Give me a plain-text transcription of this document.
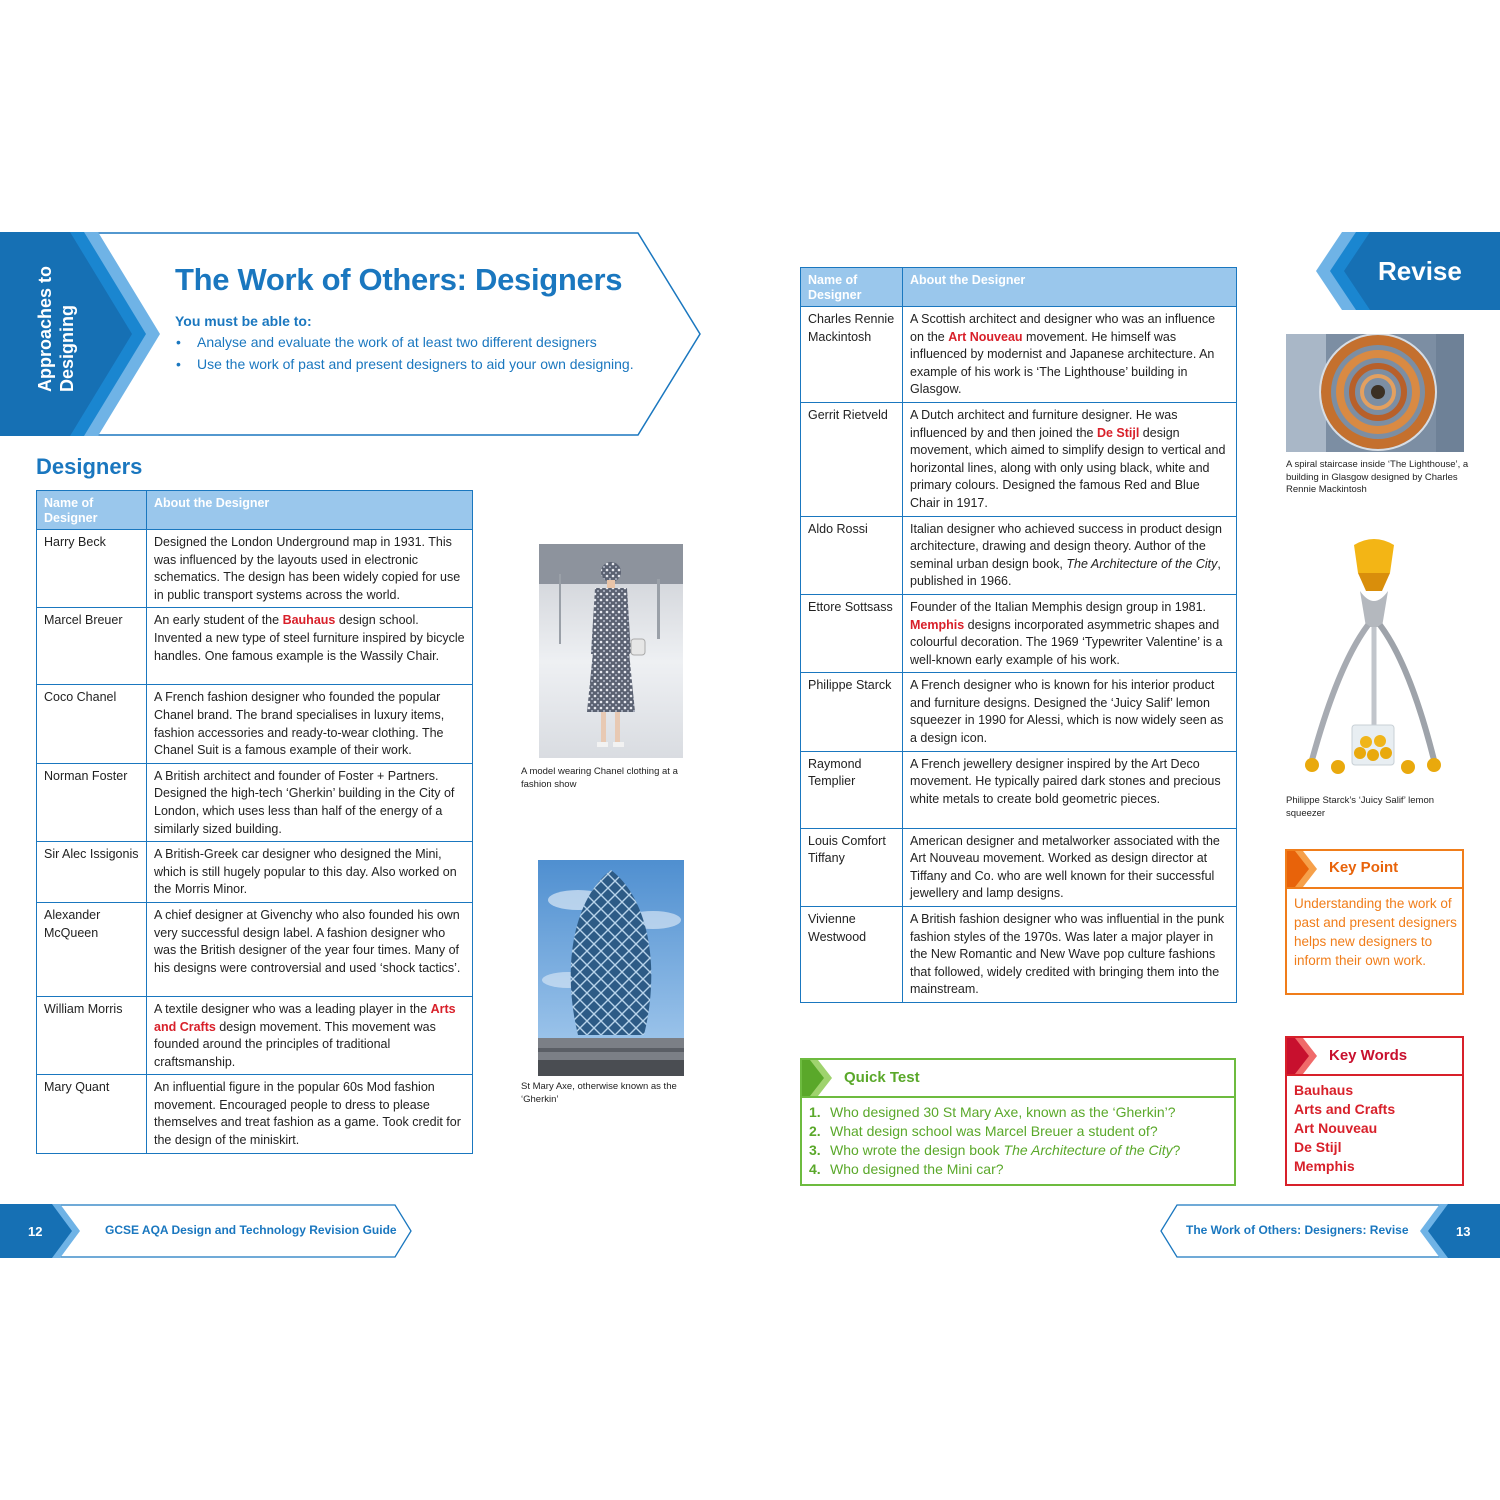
Approaches to Designing
The Work of Others: Designers
You must be able to:
• Analyse and evaluate the work of at least two different designers
• Use the work of past and present designers to aid your own designing.
Designers
Name of Designer	About the Designer
Harry Beck	Designed the London Underground map in 1931. This was influenced by the layouts used in electronic schematics. The design has been widely copied for use in public transport systems across the world.
Marcel Breuer	An early student of the Bauhaus design school. Invented a new type of steel furniture inspired by bicycle handles. One famous example is the Wassily Chair.
Coco Chanel	A French fashion designer who founded the popular Chanel brand. The brand specialises in luxury items, fashion accessories and ready-to-wear clothing. The Chanel Suit is a famous example of their work.
Norman Foster	A British architect and founder of Foster + Partners. Designed the high-tech ‘Gherkin’ building in the City of London, which uses less than half of the energy of a similarly sized building.
Sir Alec Issigonis	A British-Greek car designer who designed the Mini, which is still hugely popular to this day. Also worked on the Morris Minor.
Alexander McQueen	A chief designer at Givenchy who also founded his own very successful design label. A fashion designer who was the British designer of the year four times. Many of his designs were controversial and used ‘shock tactics’.
William Morris	A textile designer who was a leading player in the Arts and Crafts design movement. This movement was founded around the principles of traditional craftsmanship.
Mary Quant	An influential figure in the popular 60s Mod fashion movement. Encouraged people to dress to please themselves and treat fashion as a game. Took credit for the design of the miniskirt.
A model wearing Chanel clothing at a fashion show
St Mary Axe, otherwise known as the ‘Gherkin’
12	GCSE AQA Design and Technology Revision Guide
Name of Designer	About the Designer
Charles Rennie Mackintosh	A Scottish architect and designer who was an influence on the Art Nouveau movement. He himself was influenced by modernist and Japanese architecture. An example of his work is ‘The Lighthouse’ building in Glasgow.
Gerrit Rietveld	A Dutch architect and furniture designer. He was influenced by and then joined the De Stijl design movement, which aimed to simplify design to vertical and horizontal lines, along with only using black, white and primary colours. Designed the famous Red and Blue Chair in 1917.
Aldo Rossi	Italian designer who achieved success in product design architecture, drawing and design theory. Author of the seminal urban design book, The Architecture of the City, published in 1966.
Ettore Sottsass	Founder of the Italian Memphis design group in 1981. Memphis designs incorporated asymmetric shapes and colourful decoration. The 1969 ‘Typewriter Valentine’ is a well-known early example of his work.
Philippe Starck	A French designer who is known for his interior product and furniture designs. Designed the ‘Juicy Salif’ lemon squeezer in 1990 for Alessi, which is now widely seen as a design icon.
Raymond Templier	A French jewellery designer inspired by the Art Deco movement. He typically paired dark stones and precious white metals to create bold geometric pieces.
Louis Comfort Tiffany	American designer and metalworker associated with the Art Nouveau movement. Worked as design director at Tiffany and Co. who are well known for their successful jewellery and lamp designs.
Vivienne Westwood	A British fashion designer who was influential in the punk fashion styles of the 1970s. Was later a major player in the New Romantic and New Wave pop culture fashions that followed, widely credited with bringing them into the mainstream.
Revise
A spiral staircase inside ‘The Lighthouse’, a building in Glasgow designed by Charles Rennie Mackintosh
Philippe Starck’s ‘Juicy Salif’ lemon squeezer
Key Point
Understanding the work of past and present designers helps new designers to inform their own work.
Key Words
Bauhaus
Arts and Crafts
Art Nouveau
De Stijl
Memphis
Quick Test
1. Who designed 30 St Mary Axe, known as the ‘Gherkin’?
2. What design school was Marcel Breuer a student of?
3. Who wrote the design book The Architecture of the City?
4. Who designed the Mini car?
The Work of Others: Designers: Revise	13
